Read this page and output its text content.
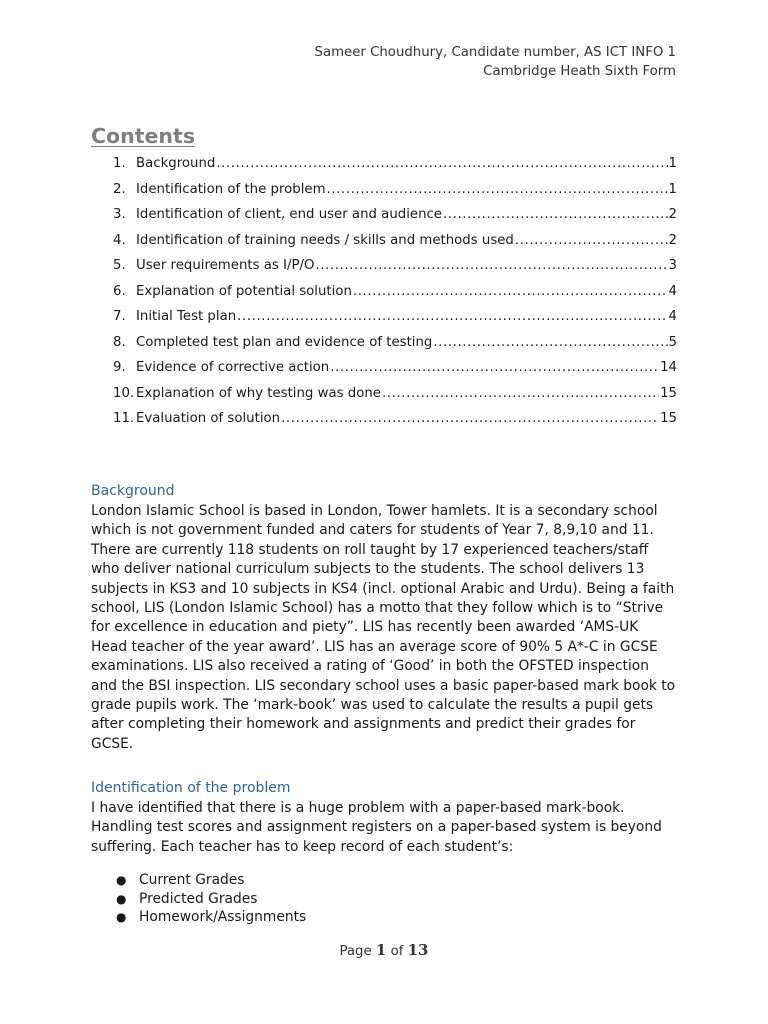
Sameer Choudhury, Candidate number, AS ICT INFO 1
Cambridge Heath Sixth Form
Contents
1. Background .....	1
2. Identification of the problem .....	1
3. Identification of client, end user and audience .....	2
4. Identification of training needs / skills and methods used .....	2
5. User requirements as I/P/O .....	3
6. Explanation of potential solution .....	4
7. Initial Test plan .....	4
8. Completed test plan and evidence of testing .....	5
9. Evidence of corrective action .....	14
10. Explanation of why testing was done .....	15
11. Evaluation of solution .....	15
Background

London Islamic School is based in London, Tower hamlets. It is a secondary school
which is not government funded and caters for students of Year 7, 8,9,10 and 11.
There are currently 118 students on roll taught by 17 experienced teachers/staff
who deliver national curriculum subjects to the students. The school delivers 13
subjects in KS3 and 10 subjects in KS4 (incl. optional Arabic and Urdu). Being a faith
school, LIS (London Islamic School) has a motto that they follow which is to “Strive
for excellence in education and piety”. LIS has recently been awarded ‘AMS-UK
Head teacher of the year award’. LIS has an average score of 90% 5 A*-C in GCSE
examinations. LIS also received a rating of ‘Good’ in both the OFSTED inspection
and the BSI inspection. LIS secondary school uses a basic paper-based mark book to
grade pupils work. The ‘mark-book’ was used to calculate the results a pupil gets
after completing their homework and assignments and predict their grades for
GCSE.

Identification of the problem

I have identified that there is a huge problem with a paper-based mark-book.
Handling test scores and assignment registers on a paper-based system is beyond
suffering. Each teacher has to keep record of each student’s:

● Current Grades
● Predicted Grades
● Homework/Assignments
Page 1 of 13
